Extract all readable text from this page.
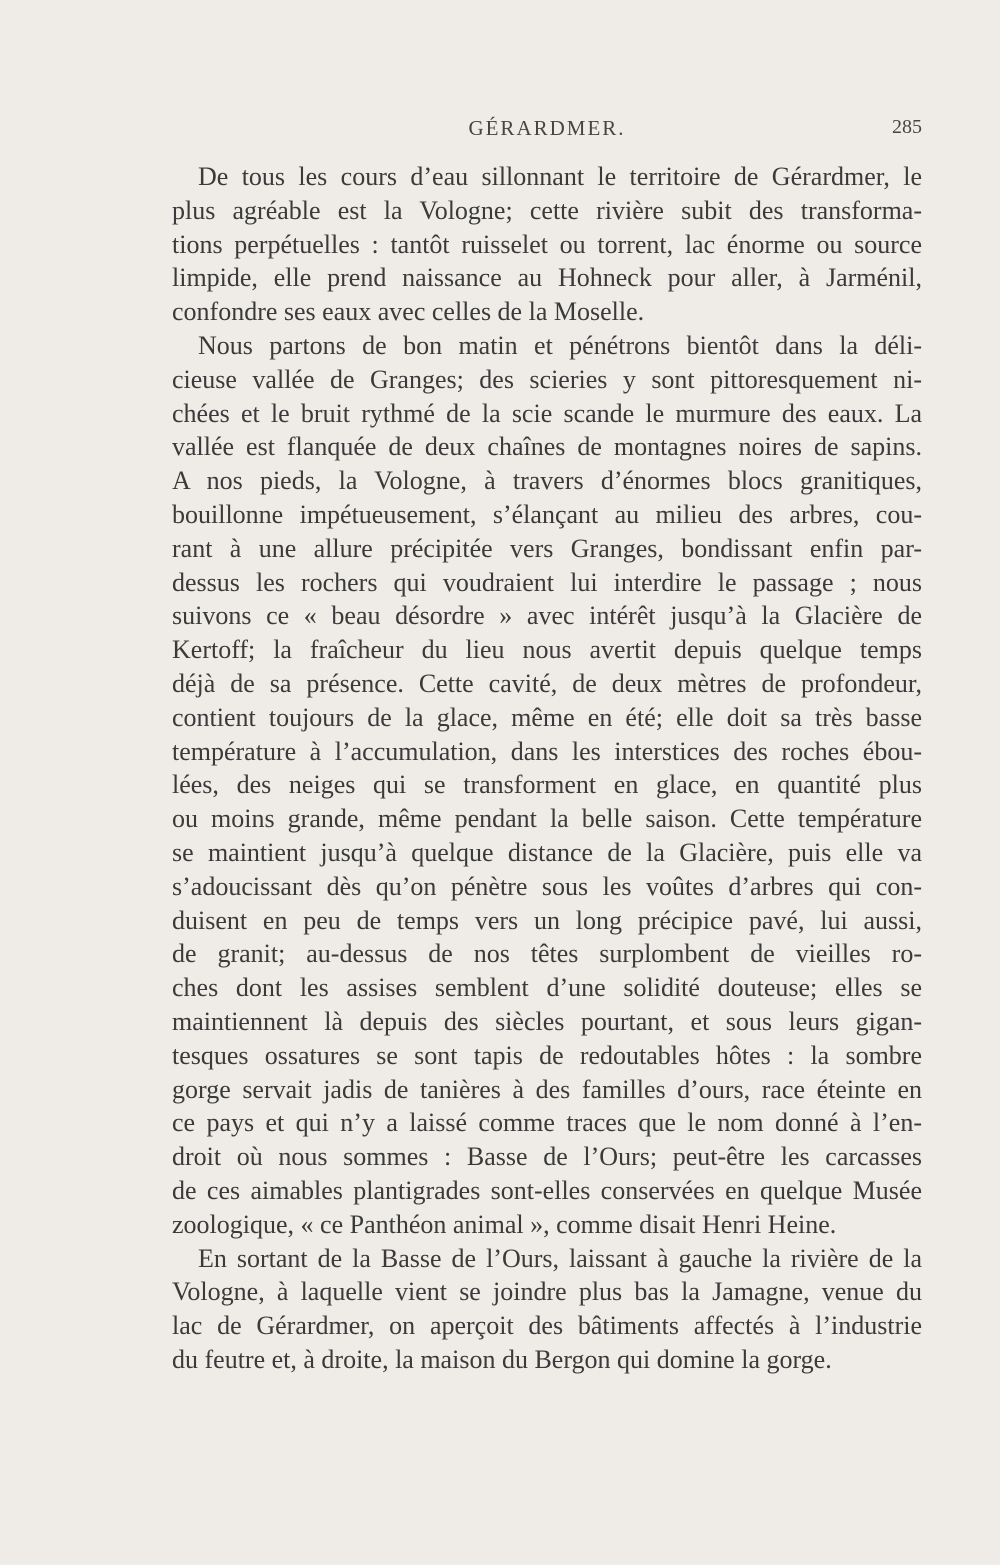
GÉRARDMER.	285

De tous les cours d’eau sillonnant le territoire de Gérardmer, le
plus agréable est la Vologne; cette rivière subit des transforma-
tions perpétuelles : tantôt ruisselet ou torrent, lac énorme ou source
limpide, elle prend naissance au Hohneck pour aller, à Jarménil,
confondre ses eaux avec celles de la Moselle.

Nous partons de bon matin et pénétrons bientôt dans la déli-
cieuse vallée de Granges; des scieries y sont pittoresquement ni-
chées et le bruit rythmé de la scie scande le murmure des eaux. La
vallée est flanquée de deux chaînes de montagnes noires de sapins.
A nos pieds, la Vologne, à travers d’énormes blocs granitiques,
bouillonne impétueusement, s’élançant au milieu des arbres, cou-
rant à une allure précipitée vers Granges, bondissant enfin par-
dessus les rochers qui voudraient lui interdire le passage ; nous
suivons ce « beau désordre » avec intérêt jusqu’à la Glacière de
Kertoff; la fraîcheur du lieu nous avertit depuis quelque temps
déjà de sa présence. Cette cavité, de deux mètres de profondeur,
contient toujours de la glace, même en été; elle doit sa très basse
température à l’accumulation, dans les interstices des roches ébou-
lées, des neiges qui se transforment en glace, en quantité plus
ou moins grande, même pendant la belle saison. Cette température
se maintient jusqu’à quelque distance de la Glacière, puis elle va
s’adoucissant dès qu’on pénètre sous les voûtes d’arbres qui con-
duisent en peu de temps vers un long précipice pavé, lui aussi,
de granit; au-dessus de nos têtes surplombent de vieilles ro-
ches dont les assises semblent d’une solidité douteuse; elles se
maintiennent là depuis des siècles pourtant, et sous leurs gigan-
tesques ossatures se sont tapis de redoutables hôtes : la sombre
gorge servait jadis de tanières à des familles d’ours, race éteinte en
ce pays et qui n’y a laissé comme traces que le nom donné à l’en-
droit où nous sommes : Basse de l’Ours; peut-être les carcasses
de ces aimables plantigrades sont-elles conservées en quelque Musée
zoologique, « ce Panthéon animal », comme disait Henri Heine.

En sortant de la Basse de l’Ours, laissant à gauche la rivière de la
Vologne, à laquelle vient se joindre plus bas la Jamagne, venue du
lac de Gérardmer, on aperçoit des bâtiments affectés à l’industrie
du feutre et, à droite, la maison du Bergon qui domine la gorge.
